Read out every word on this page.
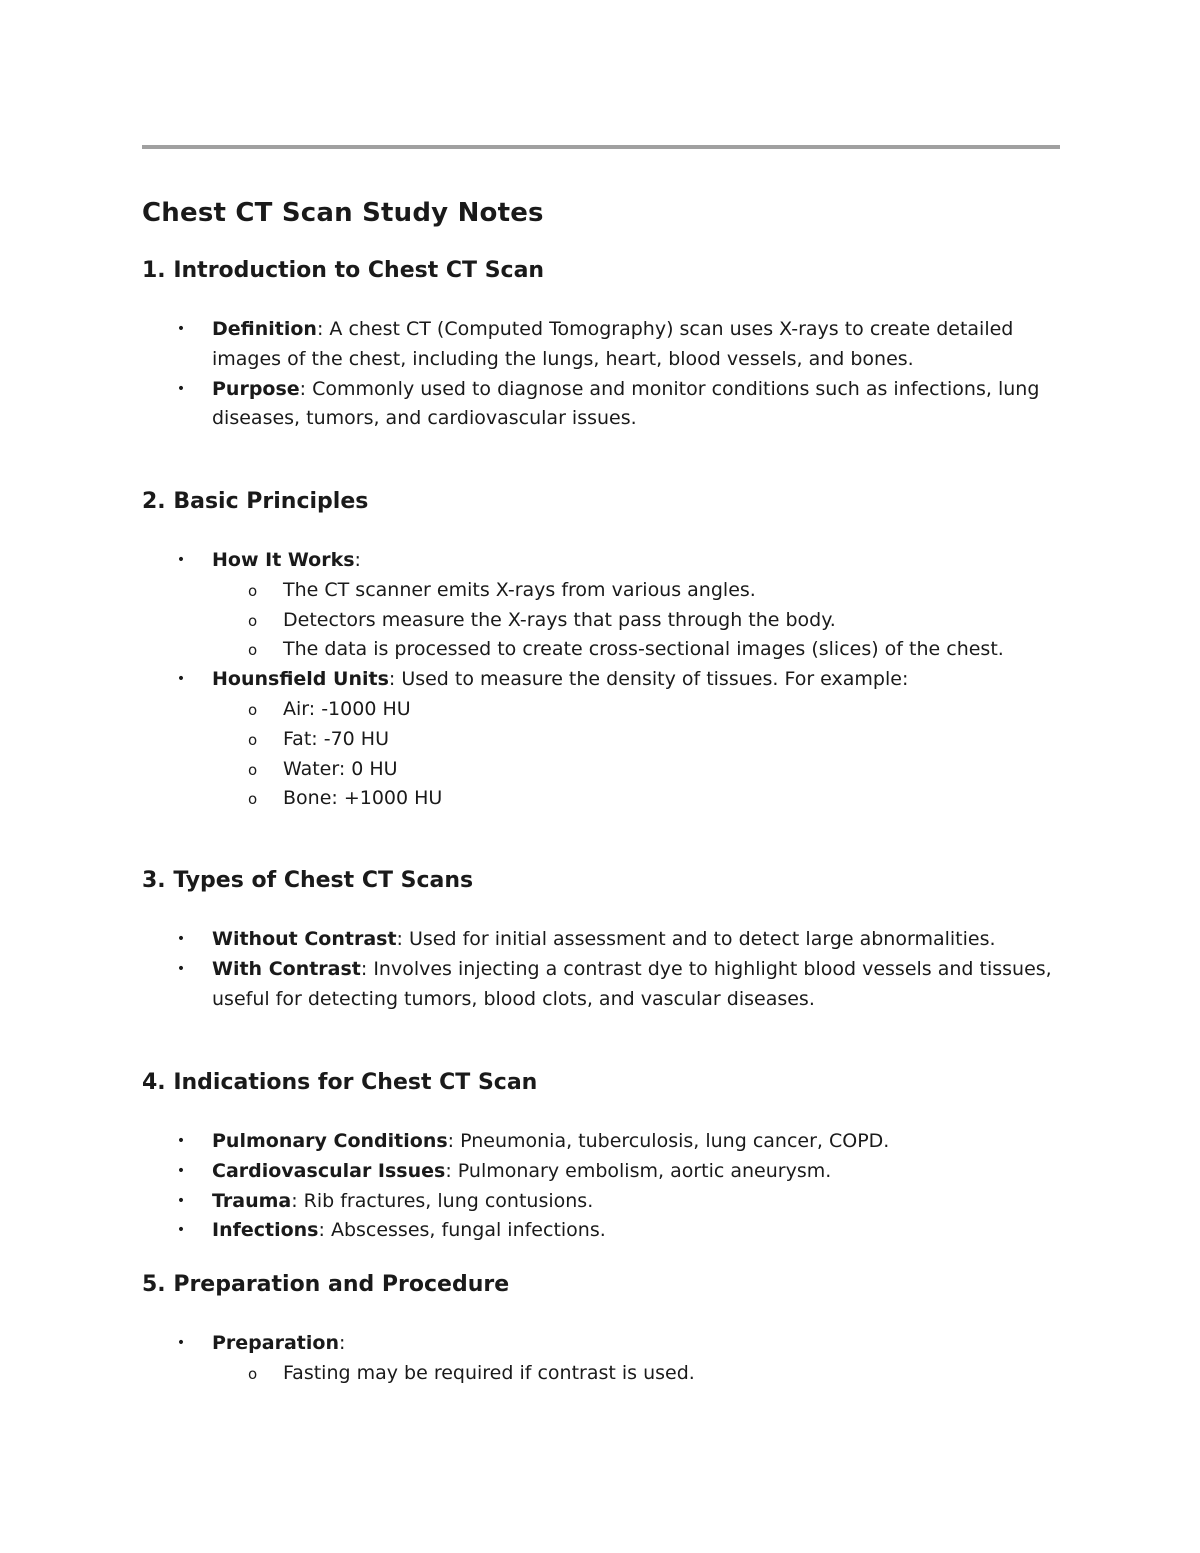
Chest CT Scan Study Notes
1. Introduction to Chest CT Scan
• Definition: A chest CT (Computed Tomography) scan uses X-rays to create detailed images of the chest, including the lungs, heart, blood vessels, and bones.
• Purpose: Commonly used to diagnose and monitor conditions such as infections, lung diseases, tumors, and cardiovascular issues.
2. Basic Principles
• How It Works:
o The CT scanner emits X-rays from various angles.
o Detectors measure the X-rays that pass through the body.
o The data is processed to create cross-sectional images (slices) of the chest.
• Hounsfield Units: Used to measure the density of tissues. For example:
o Air: -1000 HU
o Fat: -70 HU
o Water: 0 HU
o Bone: +1000 HU
3. Types of Chest CT Scans
• Without Contrast: Used for initial assessment and to detect large abnormalities.
• With Contrast: Involves injecting a contrast dye to highlight blood vessels and tissues, useful for detecting tumors, blood clots, and vascular diseases.
4. Indications for Chest CT Scan
• Pulmonary Conditions: Pneumonia, tuberculosis, lung cancer, COPD.
• Cardiovascular Issues: Pulmonary embolism, aortic aneurysm.
• Trauma: Rib fractures, lung contusions.
• Infections: Abscesses, fungal infections.
5. Preparation and Procedure
• Preparation:
o Fasting may be required if contrast is used.
